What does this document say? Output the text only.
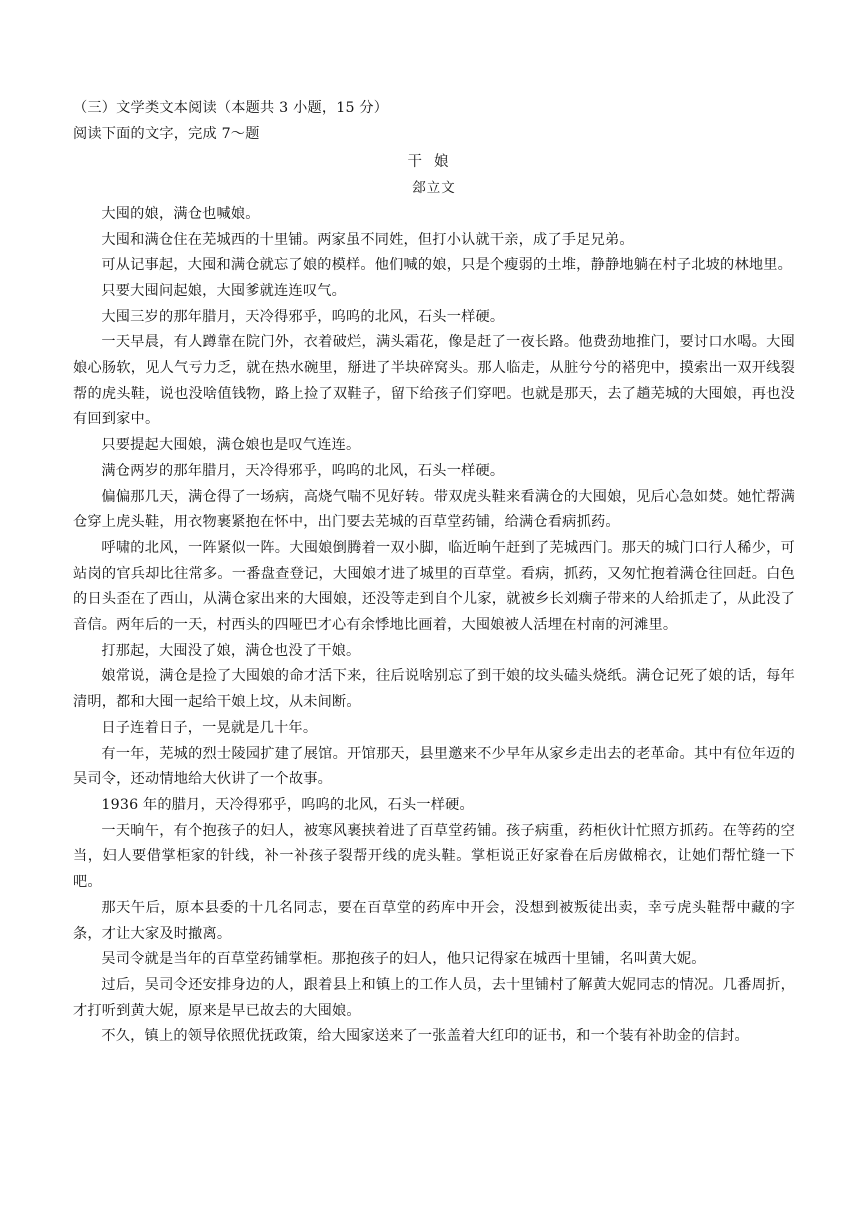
（三）文学类文本阅读（本题共 3 小题，15 分）

阅读下面的文字，完成 7～题

干娘

郐立文

大囤的娘，满仓也喊娘。

大囤和满仓住在芜城西的十里铺。两家虽不同姓，但打小认就干亲，成了手足兄弟。

可从记事起，大囤和满仓就忘了娘的模样。他们喊的娘，只是个瘦弱的土堆，静静地躺在村子北坡的林地里。

只要大囤问起娘，大囤爹就连连叹气。

大囤三岁的那年腊月，天冷得邪乎，呜呜的北风，石头一样硬。

一天早晨，有人蹲靠在院门外，衣着破烂，满头霜花，像是赶了一夜长路。他费劲地推门，要讨口水喝。大囤娘心肠软，见人气亏力乏，就在热水碗里，掰进了半块碎窝头。那人临走，从脏兮兮的褡兜中，摸索出一双开线裂帮的虎头鞋，说也没啥值钱物，路上捡了双鞋子，留下给孩子们穿吧。也就是那天，去了趟芜城的大囤娘，再也没有回到家中。

只要提起大囤娘，满仓娘也是叹气连连。

满仓两岁的那年腊月，天冷得邪乎，呜呜的北风，石头一样硬。

偏偏那几天，满仓得了一场病，高烧气喘不见好转。带双虎头鞋来看满仓的大囤娘，见后心急如焚。她忙帮满仓穿上虎头鞋，用衣物裹紧抱在怀中，出门要去芜城的百草堂药铺，给满仓看病抓药。

呼啸的北风，一阵紧似一阵。大囤娘倒腾着一双小脚，临近晌午赶到了芜城西门。那天的城门口行人稀少，可站岗的官兵却比往常多。一番盘查登记，大囤娘才进了城里的百草堂。看病，抓药，又匆忙抱着满仓往回赶。白色的日头歪在了西山，从满仓家出来的大囤娘，还没等走到自个儿家，就被乡长刘瘸子带来的人给抓走了，从此没了音信。两年后的一天，村西头的四哑巴才心有余悸地比画着，大囤娘被人活埋在村南的河滩里。

打那起，大囤没了娘，满仓也没了干娘。

娘常说，满仓是捡了大囤娘的命才活下来，往后说啥别忘了到干娘的坟头磕头烧纸。满仓记死了娘的话，每年清明，都和大囤一起给干娘上坟，从未间断。

日子连着日子，一晃就是几十年。

有一年，芜城的烈士陵园扩建了展馆。开馆那天，县里邀来不少早年从家乡走出去的老革命。其中有位年迈的吴司令，还动情地给大伙讲了一个故事。

1936 年的腊月，天冷得邪乎，呜呜的北风，石头一样硬。

一天晌午，有个抱孩子的妇人，被寒风裹挟着进了百草堂药铺。孩子病重，药柜伙计忙照方抓药。在等药的空当，妇人要借掌柜家的针线，补一补孩子裂帮开线的虎头鞋。掌柜说正好家眷在后房做棉衣，让她们帮忙缝一下吧。

那天午后，原本县委的十几名同志，要在百草堂的药库中开会，没想到被叛徒出卖，幸亏虎头鞋帮中藏的字条，才让大家及时撤离。

吴司令就是当年的百草堂药铺掌柜。那抱孩子的妇人，他只记得家在城西十里铺，名叫黄大妮。

过后，吴司令还安排身边的人，跟着县上和镇上的工作人员，去十里铺村了解黄大妮同志的情况。几番周折，才打听到黄大妮，原来是早已故去的大囤娘。

不久，镇上的领导依照优抚政策，给大囤家送来了一张盖着大红印的证书，和一个装有补助金的信封。
